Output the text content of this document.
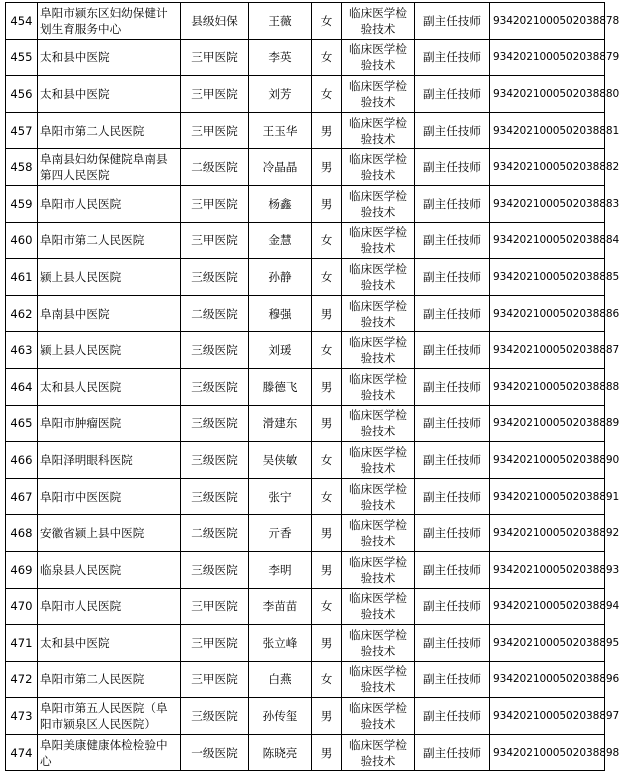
454	阜阳市颍东区妇幼保健计划生育服务中心	县级妇保	王薇	女	临床医学检验技术	副主任技师	9342021000502038878
455	太和县中医院	三甲医院	李英	女	临床医学检验技术	副主任技师	9342021000502038879
456	太和县中医院	三甲医院	刘芳	女	临床医学检验技术	副主任技师	9342021000502038880
457	阜阳市第二人民医院	三甲医院	王玉华	男	临床医学检验技术	副主任技师	9342021000502038881
458	阜南县妇幼保健院阜南县第四人民医院	二级医院	冷晶晶	男	临床医学检验技术	副主任技师	9342021000502038882
459	阜阳市人民医院	三甲医院	杨鑫	男	临床医学检验技术	副主任技师	9342021000502038883
460	阜阳市第二人民医院	三甲医院	金慧	女	临床医学检验技术	副主任技师	9342021000502038884
461	颍上县人民医院	三级医院	孙静	女	临床医学检验技术	副主任技师	9342021000502038885
462	阜南县中医院	二级医院	穆强	男	临床医学检验技术	副主任技师	9342021000502038886
463	颍上县人民医院	三级医院	刘瑗	女	临床医学检验技术	副主任技师	9342021000502038887
464	太和县人民医院	三级医院	滕德飞	男	临床医学检验技术	副主任技师	9342021000502038888
465	阜阳市肿瘤医院	三级医院	滑建东	男	临床医学检验技术	副主任技师	9342021000502038889
466	阜阳泽明眼科医院	三级医院	吴侠敏	女	临床医学检验技术	副主任技师	9342021000502038890
467	阜阳市中医医院	三级医院	张宁	女	临床医学检验技术	副主任技师	9342021000502038891
468	安徽省颍上县中医院	二级医院	亓香	男	临床医学检验技术	副主任技师	9342021000502038892
469	临泉县人民医院	三级医院	李明	男	临床医学检验技术	副主任技师	9342021000502038893
470	阜阳市人民医院	三甲医院	李苗苗	女	临床医学检验技术	副主任技师	9342021000502038894
471	太和县中医院	三甲医院	张立峰	男	临床医学检验技术	副主任技师	9342021000502038895
472	阜阳市第二人民医院	三甲医院	白燕	女	临床医学检验技术	副主任技师	9342021000502038896
473	阜阳市第五人民医院（阜阳市颍泉区人民医院）	三级医院	孙传玺	男	临床医学检验技术	副主任技师	9342021000502038897
474	阜阳美康健康体检检验中心	一级医院	陈晓亮	男	临床医学检验技术	副主任技师	9342021000502038898
